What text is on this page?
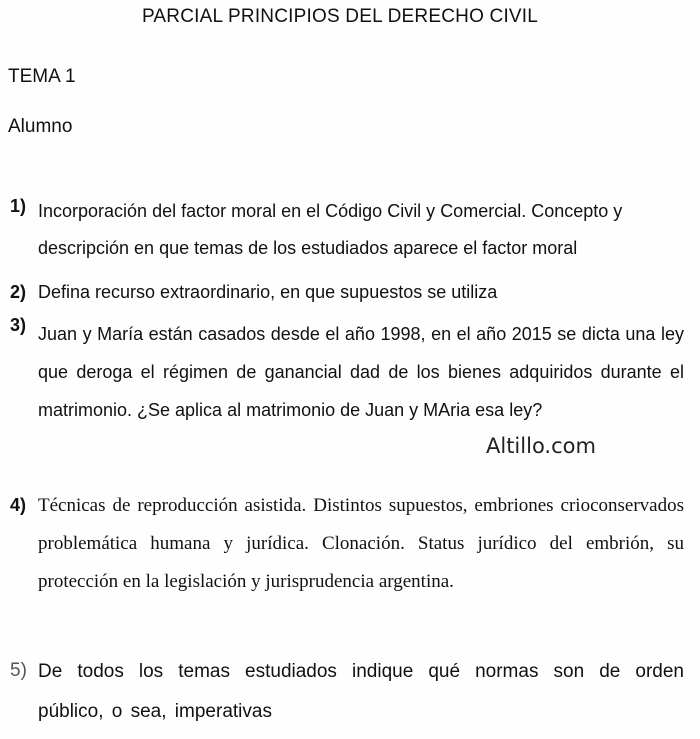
PARCIAL PRINCIPIOS DEL DERECHO CIVIL
TEMA 1
Alumno
1) Incorporación del factor moral en el Código Civil y Comercial. Concepto y descripción en que temas de los estudiados aparece el factor moral
2) Defina recurso extraordinario, en que supuestos se utiliza
3) Juan y María están casados desde el año 1998, en el año 2015 se dicta una ley que deroga el régimen de ganancial dad de los bienes adquiridos durante el matrimonio. ¿Se aplica al matrimonio de Juan y MAria esa ley?
Altillo.com
4) Técnicas de reproducción asistida. Distintos supuestos, embriones crioconservados problemática humana y jurídica. Clonación. Status jurídico del embrión, su protección en la legislación y jurisprudencia argentina.
5) De todos los temas estudiados indique qué normas son de orden público, o sea, imperativas
